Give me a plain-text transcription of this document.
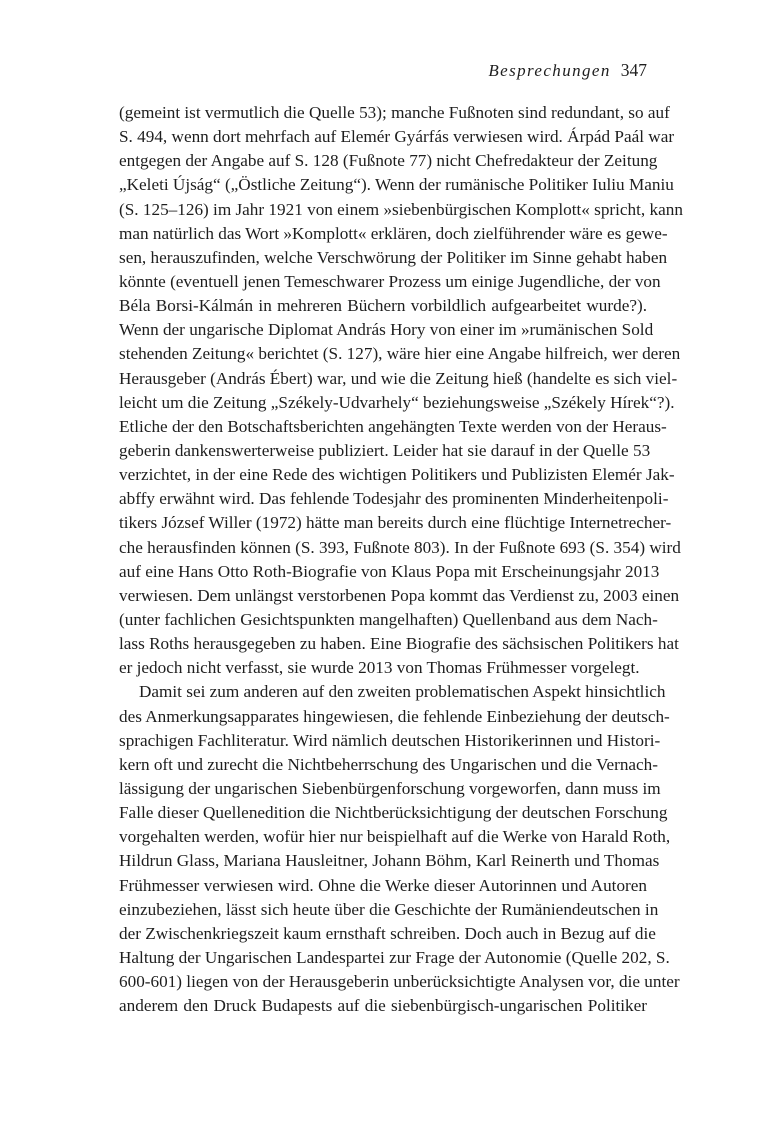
Besprechungen 347

(gemeint ist vermutlich die Quelle 53); manche Fußnoten sind redundant, so auf
S. 494, wenn dort mehrfach auf Elemér Gyárfás verwiesen wird. Árpád Paál war
entgegen der Angabe auf S. 128 (Fußnote 77) nicht Chefredakteur der Zeitung
„Keleti Újság“ („Östliche Zeitung“). Wenn der rumänische Politiker Iuliu Maniu
(S. 125–126) im Jahr 1921 von einem »siebenbürgischen Komplott« spricht, kann
man natürlich das Wort »Komplott« erklären, doch zielführender wäre es gewe-
sen, herauszufinden, welche Verschwörung der Politiker im Sinne gehabt haben
könnte (eventuell jenen Temeschwarer Prozess um einige Jugendliche, der von
Béla Borsi-Kálmán in mehreren Büchern vorbildlich aufgearbeitet wurde?).
Wenn der ungarische Diplomat András Hory von einer im »rumänischen Sold
stehenden Zeitung« berichtet (S. 127), wäre hier eine Angabe hilfreich, wer deren
Herausgeber (András Ébert) war, und wie die Zeitung hieß (handelte es sich viel-
leicht um die Zeitung „Székely-Udvarhely“ beziehungsweise „Székely Hírek“?).
Etliche der den Botschaftsberichten angehängten Texte werden von der Heraus-
geberin dankenswerterweise publiziert. Leider hat sie darauf in der Quelle 53
verzichtet, in der eine Rede des wichtigen Politikers und Publizisten Elemér Jak-
abffy erwähnt wird. Das fehlende Todesjahr des prominenten Minderheitenpoli-
tikers József Willer (1972) hätte man bereits durch eine flüchtige Internetrecher-
che herausfinden können (S. 393, Fußnote 803). In der Fußnote 693 (S. 354) wird
auf eine Hans Otto Roth-Biografie von Klaus Popa mit Erscheinungsjahr 2013
verwiesen. Dem unlängst verstorbenen Popa kommt das Verdienst zu, 2003 einen
(unter fachlichen Gesichtspunkten mangelhaften) Quellenband aus dem Nach-
lass Roths herausgegeben zu haben. Eine Biografie des sächsischen Politikers hat
er jedoch nicht verfasst, sie wurde 2013 von Thomas Frühmesser vorgelegt.

Damit sei zum anderen auf den zweiten problematischen Aspekt hinsichtlich
des Anmerkungsapparates hingewiesen, die fehlende Einbeziehung der deutsch-
sprachigen Fachliteratur. Wird nämlich deutschen Historikerinnen und Histori-
kern oft und zurecht die Nichtbeherrschung des Ungarischen und die Vernach-
lässigung der ungarischen Siebenbürgenforschung vorgeworfen, dann muss im
Falle dieser Quellenedition die Nichtberücksichtigung der deutschen Forschung
vorgehalten werden, wofür hier nur beispielhaft auf die Werke von Harald Roth,
Hildrun Glass, Mariana Hausleitner, Johann Böhm, Karl Reinerth und Thomas
Frühmesser verwiesen wird. Ohne die Werke dieser Autorinnen und Autoren
einzubeziehen, lässt sich heute über die Geschichte der Rumäniendeutschen in
der Zwischenkriegszeit kaum ernsthaft schreiben. Doch auch in Bezug auf die
Haltung der Ungarischen Landespartei zur Frage der Autonomie (Quelle 202, S.
600-601) liegen von der Herausgeberin unberücksichtigte Analysen vor, die unter
anderem den Druck Budapests auf die siebenbürgisch-ungarischen Politiker
